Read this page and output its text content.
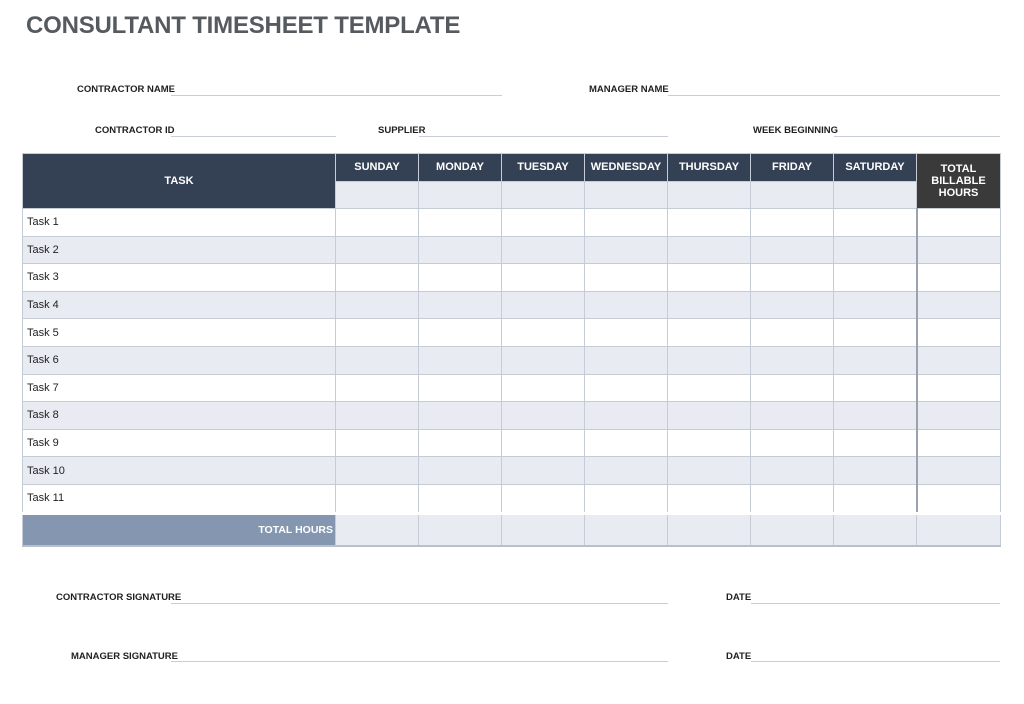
CONSULTANT TIMESHEET TEMPLATE
CONTRACTOR NAME	MANAGER NAME
CONTRACTOR ID	SUPPLIER	WEEK BEGINNING
TASK	SUNDAY	MONDAY	TUESDAY	WEDNESDAY	THURSDAY	FRIDAY	SATURDAY	TOTAL BILLABLE
HOURS

Task 1								
Task 2								
Task 3								
Task 4								
Task 5								
Task 6								
Task 7								
Task 8								
Task 9								
Task 10								
Task 11								
TOTAL HOURS								
CONTRACTOR SIGNATURE	DATE
MANAGER SIGNATURE	DATE
